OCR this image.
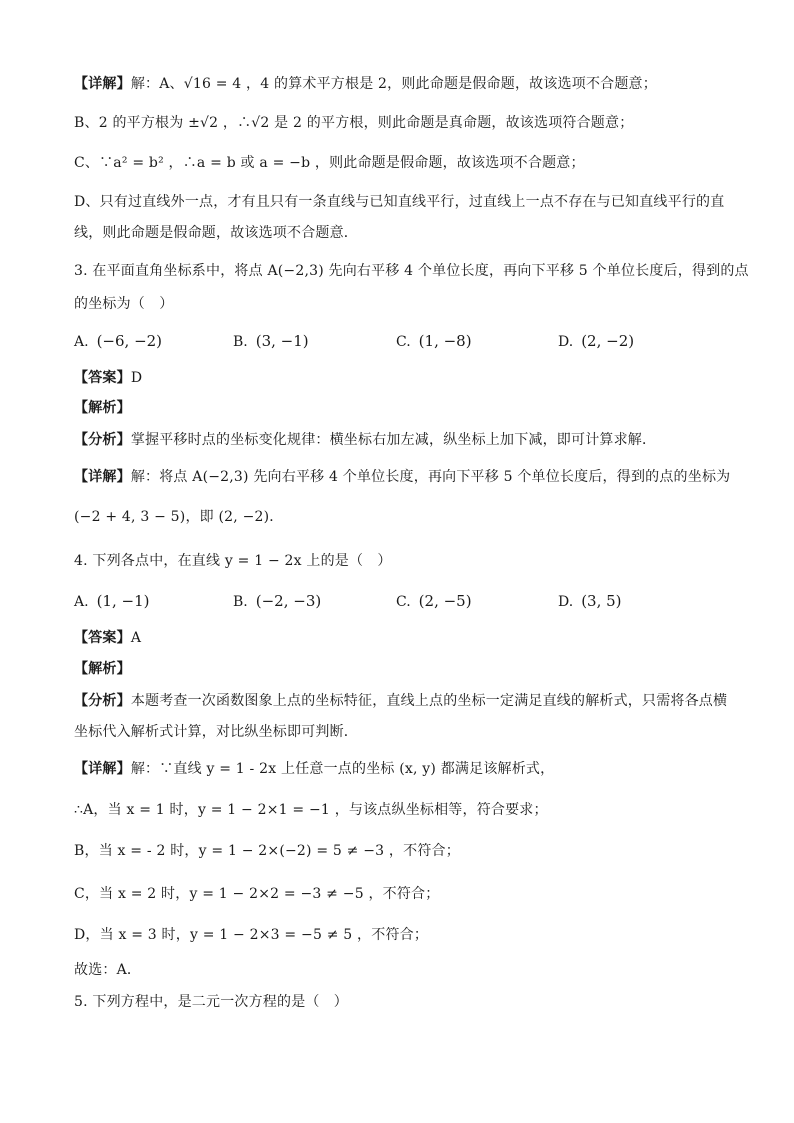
【详解】解：A、√16 = 4 ，4 的算术平方根是 2，则此命题是假命题，故该选项不合题意；
B、2 的平方根为 ±√2 ，∴√2 是 2 的平方根，则此命题是真命题，故该选项符合题意；
C、∵a² = b² ，∴a = b 或 a = −b ，则此命题是假命题，故该选项不合题意；
D、只有过直线外一点，才有且只有一条直线与已知直线平行，过直线上一点不存在与已知直线平行的直
线，则此命题是假命题，故该选项不合题意．
3. 在平面直角坐标系中，将点 A(−2,3) 先向右平移 4 个单位长度，再向下平移 5 个单位长度后，得到的点
的坐标为（　）
A. (−6, −2)	B. (3, −1)	C. (1, −8)	D. (2, −2)
【答案】D
【解析】
【分析】掌握平移时点的坐标变化规律：横坐标右加左减，纵坐标上加下减，即可计算求解．
【详解】解：将点 A(−2,3) 先向右平移 4 个单位长度，再向下平移 5 个单位长度后，得到的点的坐标为
(−2 + 4, 3 − 5)，即 (2, −2)．
4. 下列各点中，在直线 y = 1 − 2x 上的是（　）
A. (1, −1)	B. (−2, −3)	C. (2, −5)	D. (3, 5)
【答案】A
【解析】
【分析】本题考查一次函数图象上点的坐标特征，直线上点的坐标一定满足直线的解析式，只需将各点横
坐标代入解析式计算，对比纵坐标即可判断．
【详解】解：∵直线 y = 1 - 2x 上任意一点的坐标 (x, y) 都满足该解析式，
∴A，当 x = 1 时，y = 1 − 2×1 = −1 ，与该点纵坐标相等，符合要求；
B，当 x = - 2 时，y = 1 − 2×(−2) = 5 ≠ −3 ，不符合；
C，当 x = 2 时，y = 1 − 2×2 = −3 ≠ −5 ，不符合；
D，当 x = 3 时，y = 1 − 2×3 = −5 ≠ 5 ，不符合；
故选：A．
5. 下列方程中，是二元一次方程的是（　）
